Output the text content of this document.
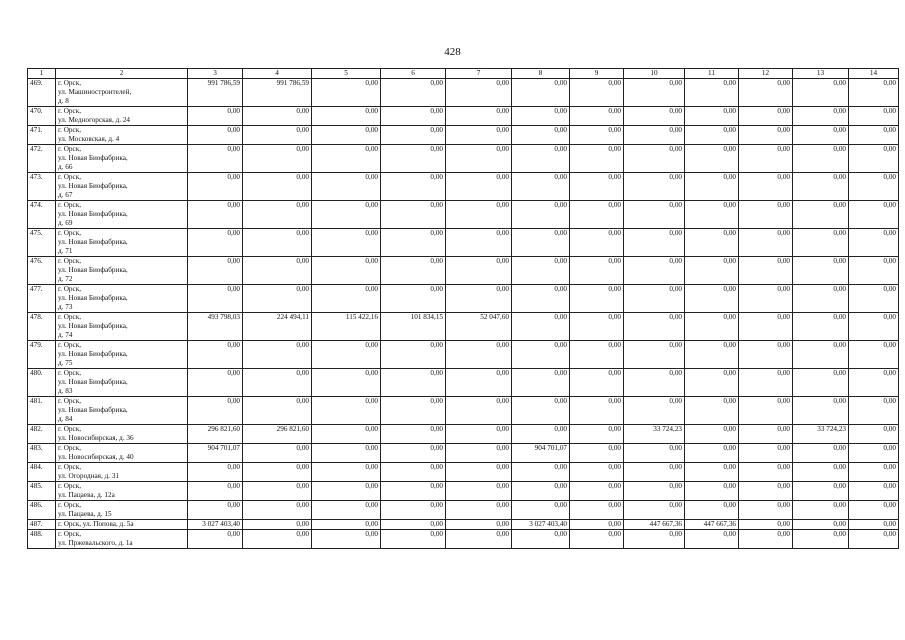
428
1	2	3	4	5	6	7	8	9	10	11	12	13	14
469.	г. Орск,
ул. Машиностроителей,
д. 8	991 786,59	991 786,59	0,00	0,00	0,00	0,00	0,00	0,00	0,00	0,00	0,00	0,00
470.	г. Орск,
ул. Медногорская, д. 24	0,00	0,00	0,00	0,00	0,00	0,00	0,00	0,00	0,00	0,00	0,00	0,00
471.	г. Орск,
ул. Московская, д. 4	0,00	0,00	0,00	0,00	0,00	0,00	0,00	0,00	0,00	0,00	0,00	0,00
472.	г. Орск,
ул. Новая Биофабрика,
д. 66	0,00	0,00	0,00	0,00	0,00	0,00	0,00	0,00	0,00	0,00	0,00	0,00
473.	г. Орск,
ул. Новая Биофабрика,
д. 67	0,00	0,00	0,00	0,00	0,00	0,00	0,00	0,00	0,00	0,00	0,00	0,00
474.	г. Орск,
ул. Новая Биофабрика,
д. 69	0,00	0,00	0,00	0,00	0,00	0,00	0,00	0,00	0,00	0,00	0,00	0,00
475.	г. Орск,
ул. Новая Биофабрика,
д. 71	0,00	0,00	0,00	0,00	0,00	0,00	0,00	0,00	0,00	0,00	0,00	0,00
476.	г. Орск,
ул. Новая Биофабрика,
д. 72	0,00	0,00	0,00	0,00	0,00	0,00	0,00	0,00	0,00	0,00	0,00	0,00
477.	г. Орск,
ул. Новая Биофабрика,
д. 73	0,00	0,00	0,00	0,00	0,00	0,00	0,00	0,00	0,00	0,00	0,00	0,00
478.	г. Орск,
ул. Новая Биофабрика,
д. 74	493 798,03	224 494,11	115 422,16	101 834,15	52 047,60	0,00	0,00	0,00	0,00	0,00	0,00	0,00
479.	г. Орск,
ул. Новая Биофабрика,
д. 75	0,00	0,00	0,00	0,00	0,00	0,00	0,00	0,00	0,00	0,00	0,00	0,00
480.	г. Орск,
ул. Новая Биофабрика,
д. 83	0,00	0,00	0,00	0,00	0,00	0,00	0,00	0,00	0,00	0,00	0,00	0,00
481.	г. Орск,
ул. Новая Биофабрика,
д. 84	0,00	0,00	0,00	0,00	0,00	0,00	0,00	0,00	0,00	0,00	0,00	0,00
482.	г. Орск,
ул. Новосибирская, д. 36	296 821,60	296 821,60	0,00	0,00	0,00	0,00	0,00	33 724,23	0,00	0,00	33 724,23	0,00
483.	г. Орск,
ул. Новосибирская, д. 40	904 701,07	0,00	0,00	0,00	0,00	904 701,07	0,00	0,00	0,00	0,00	0,00	0,00
484.	г. Орск,
ул. Огородная, д. 31	0,00	0,00	0,00	0,00	0,00	0,00	0,00	0,00	0,00	0,00	0,00	0,00
485.	г. Орск,
ул. Пацаева, д. 12а	0,00	0,00	0,00	0,00	0,00	0,00	0,00	0,00	0,00	0,00	0,00	0,00
486.	г. Орск,
ул. Пацаева, д. 15	0,00	0,00	0,00	0,00	0,00	0,00	0,00	0,00	0,00	0,00	0,00	0,00
487.	г. Орск, ул. Попова, д. 5а	3 027 403,40	0,00	0,00	0,00	0,00	3 027 403,40	0,00	447 667,36	447 667,36	0,00	0,00	0,00
488.	г. Орск,
ул. Пржевальского, д. 1а	0,00	0,00	0,00	0,00	0,00	0,00	0,00	0,00	0,00	0,00	0,00	0,00
